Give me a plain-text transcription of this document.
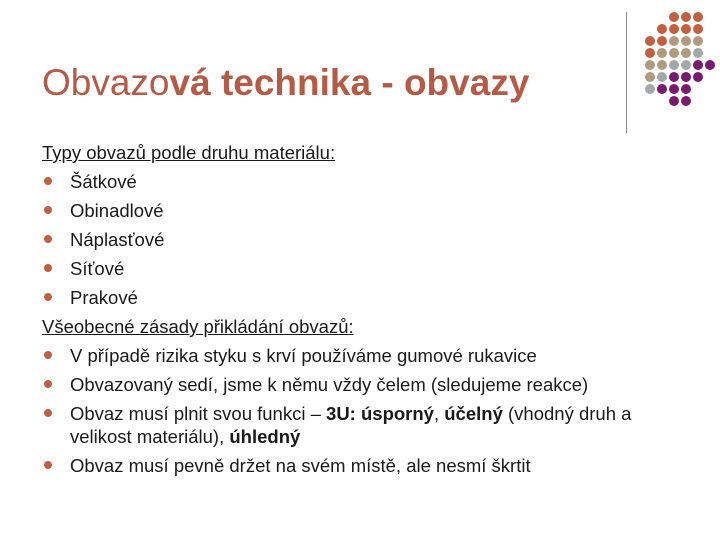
Obvazová technika - obvazy
Typy obvazů podle druhu materiálu:
Šátkové
Obinadlové
Náplasťové
Síťové
Prakové
Všeobecné zásady přikládání obvazů:
V případě rizika styku s krví používáme gumové rukavice
Obvazovaný sedí, jsme k němu vždy čelem (sledujeme reakce)
Obvaz musí plnit svou funkci – 3U: úsporný, účelný (vhodný druh a
velikost materiálu), úhledný
Obvaz musí pevně držet na svém místě, ale nesmí škrtit
